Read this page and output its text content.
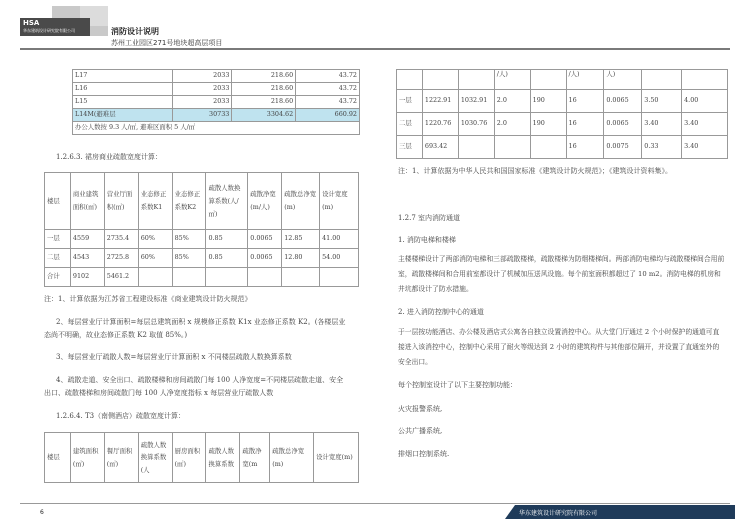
HSA
华东建筑设计研究院有限公司	消防设计说明
苏州工业园区271号地块超高层项目
L17	2033	218.60	43.72
L16	2033	218.60	43.72
L15	2033	218.60	43.72
L14M(避难层	30733	3304.62	660.92
办公人数按 9.3 人/㎡, 避难区面积 5 人/㎡			
1.2.6.3. 裙房商业疏散宽度计算：
楼层	商业建筑面积(㎡)	营业厅面积(㎡)	业态修正系数K1	业态修正系数K2	疏散人数换算系数(人/㎡)	疏散净宽(m/人)	疏散总净宽(m)	设计宽度(m)
一层	4559	2735.4	60%	85%	0.85	0.0065	12.85	41.00
二层	4543	2725.8	60%	85%	0.85	0.0065	12.80	54.00
合计	9102	5461.2						
注：1、计算依据为江苏省工程建设标准《商业建筑设计防火规范》
2、每层营业厅计算面积=每层总建筑面积 x 规模修正系数 K1x 业态修正系数 K2。(各楼层业
态尚不明确，故业态修正系数 K2 取值 85%。)
3、每层营业厅疏散人数=每层营业厅计算面积 x 不同楼层疏散人数换算系数
4、疏散走道、安全出口、疏散楼梯和房间疏散门每 100 人净宽度=不同楼层疏散走道、安全
出口、疏散楼梯和房间疏散门每 100 人净宽度指标 x 每层营业厅疏散人数
1.2.6.4. T3（南侧酒店）疏散宽度计算：
楼层	建筑面积(㎡)	餐厅面积(㎡)	疏散人数换算系数(人	厨房面积(㎡)	疏散人数换算系数	疏散净宽(m	疏散总净宽(m)	设计宽度(m)
			/人)		/人)	人)		
一层	1222.91	1032.91	2.0	190	16	0.0065	3.50	4.00
二层	1220.76	1030.76	2.0	190	16	0.0065	3.40	3.40
三层	693.42				16	0.0075	0.33	3.40
注：1、计算依据为中华人民共和国国家标准《建筑设计防火规范》；《建筑设计资料集》。
1.2.7 室内消防通道
1. 消防电梯和楼梯
主楼楼梯设计了两部消防电梯和三部疏散楼梯，疏散楼梯为防烟楼梯间。两部消防电梯均与疏散楼梯间合用前室，疏散楼梯间和合用前室都设计了机械加压送风设施。每个前室面积都超过了 10 m2。消防电梯的机房和井坑都设计了防水措施。
2. 进入消防控制中心的通道
于一层按功能酒店、办公楼及酒店式公寓各自独立设置消控中心。从大堂门厅通过 2 个小时保护的通道可直接进入该消控中心，控制中心采用了耐火等级达到 2 小时的建筑构件与其他部位隔开，并设置了直通室外的安全出口。
每个控制室设计了以下主要控制功能：
火灾报警系统,
公共广播系统,
排烟口控制系统.
6	华东建筑设计研究院有限公司
